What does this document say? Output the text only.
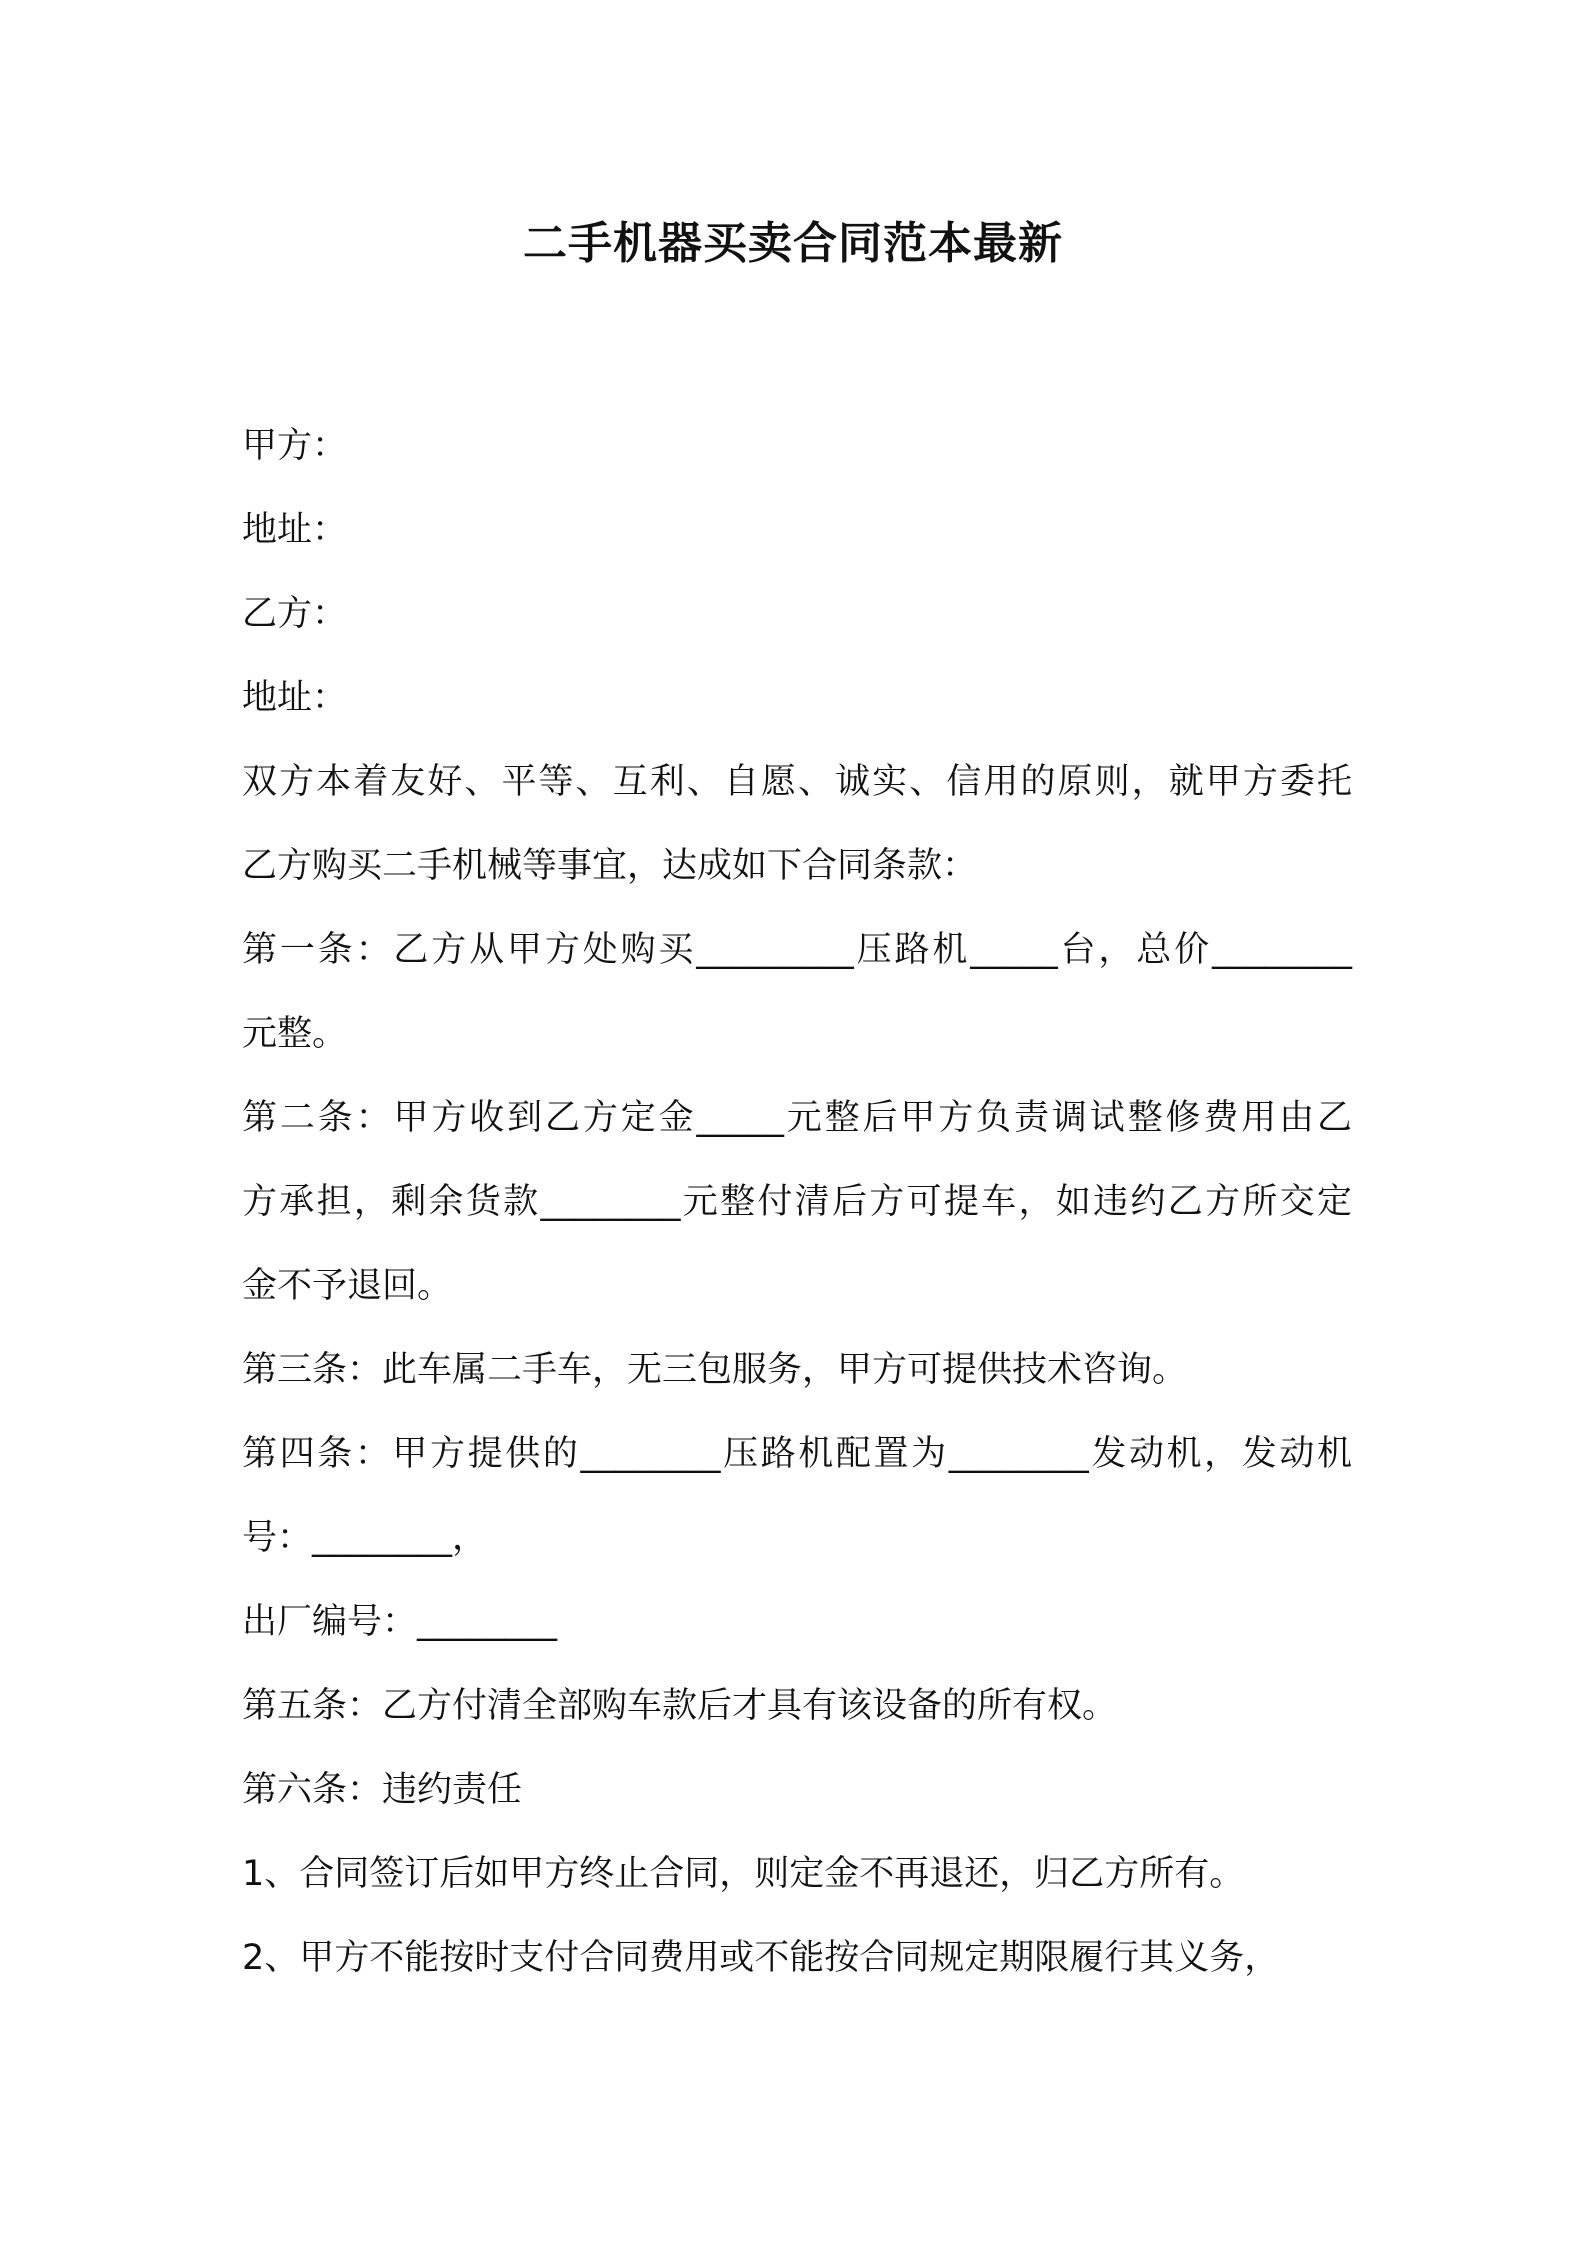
二手机器买卖合同范本最新

甲方：

地址：

乙方：

地址：

双方本着友好、平等、互利、自愿、诚实、信用的原则，就甲方委托

乙方购买二手机械等事宜，达成如下合同条款：

第一条：乙方从甲方处购买_________压路机_____台，总价________

元整。

第二条：甲方收到乙方定金_____元整后甲方负责调试整修费用由乙

方承担，剩余货款________元整付清后方可提车，如违约乙方所交定

金不予退回。

第三条：此车属二手车，无三包服务，甲方可提供技术咨询。

第四条：甲方提供的________压路机配置为________发动机，发动机

号：________，

出厂编号：________

第五条：乙方付清全部购车款后才具有该设备的所有权。

第六条：违约责任

1、合同签订后如甲方终止合同，则定金不再退还，归乙方所有。

2、甲方不能按时支付合同费用或不能按合同规定期限履行其义务，
